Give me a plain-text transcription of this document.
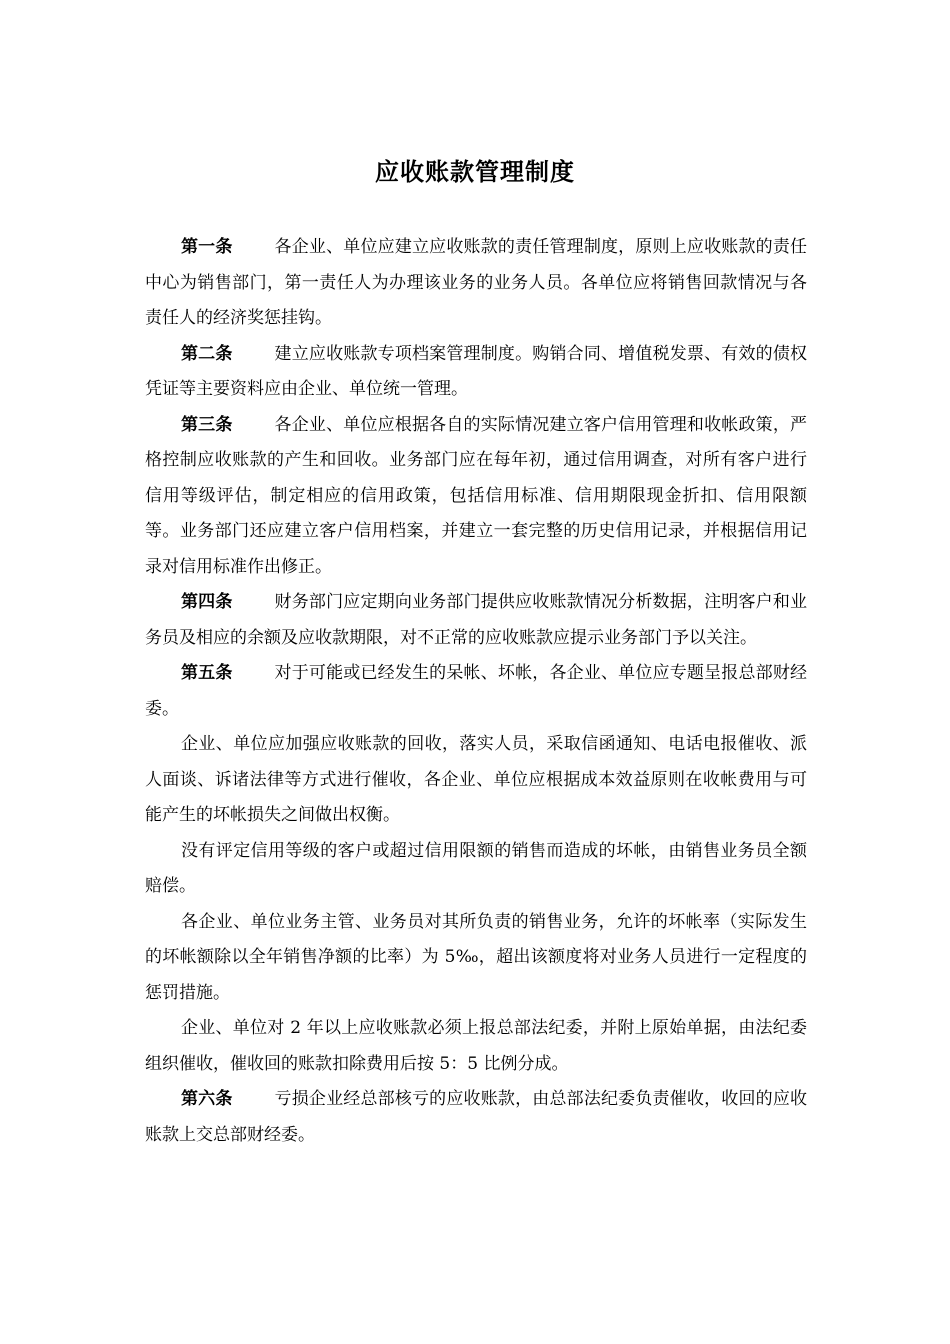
应收账款管理制度

第一条 各企业、单位应建立应收账款的责任管理制度，原则上应收账款的责任中心为销售部门，第一责任人为办理该业务的业务人员。各单位应将销售回款情况与各责任人的经济奖惩挂钩。

第二条 建立应收账款专项档案管理制度。购销合同、增值税发票、有效的债权凭证等主要资料应由企业、单位统一管理。

第三条 各企业、单位应根据各自的实际情况建立客户信用管理和收帐政策，严格控制应收账款的产生和回收。业务部门应在每年初，通过信用调查，对所有客户进行信用等级评估，制定相应的信用政策，包括信用标准、信用期限现金折扣、信用限额等。业务部门还应建立客户信用档案，并建立一套完整的历史信用记录，并根据信用记录对信用标准作出修正。

第四条 财务部门应定期向业务部门提供应收账款情况分析数据，注明客户和业务员及相应的余额及应收款期限，对不正常的应收账款应提示业务部门予以关注。

第五条 对于可能或已经发生的呆帐、坏帐，各企业、单位应专题呈报总部财经委。

企业、单位应加强应收账款的回收，落实人员，采取信函通知、电话电报催收、派人面谈、诉诸法律等方式进行催收，各企业、单位应根据成本效益原则在收帐费用与可能产生的坏帐损失之间做出权衡。

没有评定信用等级的客户或超过信用限额的销售而造成的坏帐，由销售业务员全额赔偿。

各企业、单位业务主管、业务员对其所负责的销售业务，允许的坏帐率（实际发生的坏帐额除以全年销售净额的比率）为 5‰，超出该额度将对业务人员进行一定程度的惩罚措施。

企业、单位对 2 年以上应收账款必须上报总部法纪委，并附上原始单据，由法纪委组织催收，催收回的账款扣除费用后按 5：5 比例分成。

第六条 亏损企业经总部核亏的应收账款，由总部法纪委负责催收，收回的应收账款上交总部财经委。
